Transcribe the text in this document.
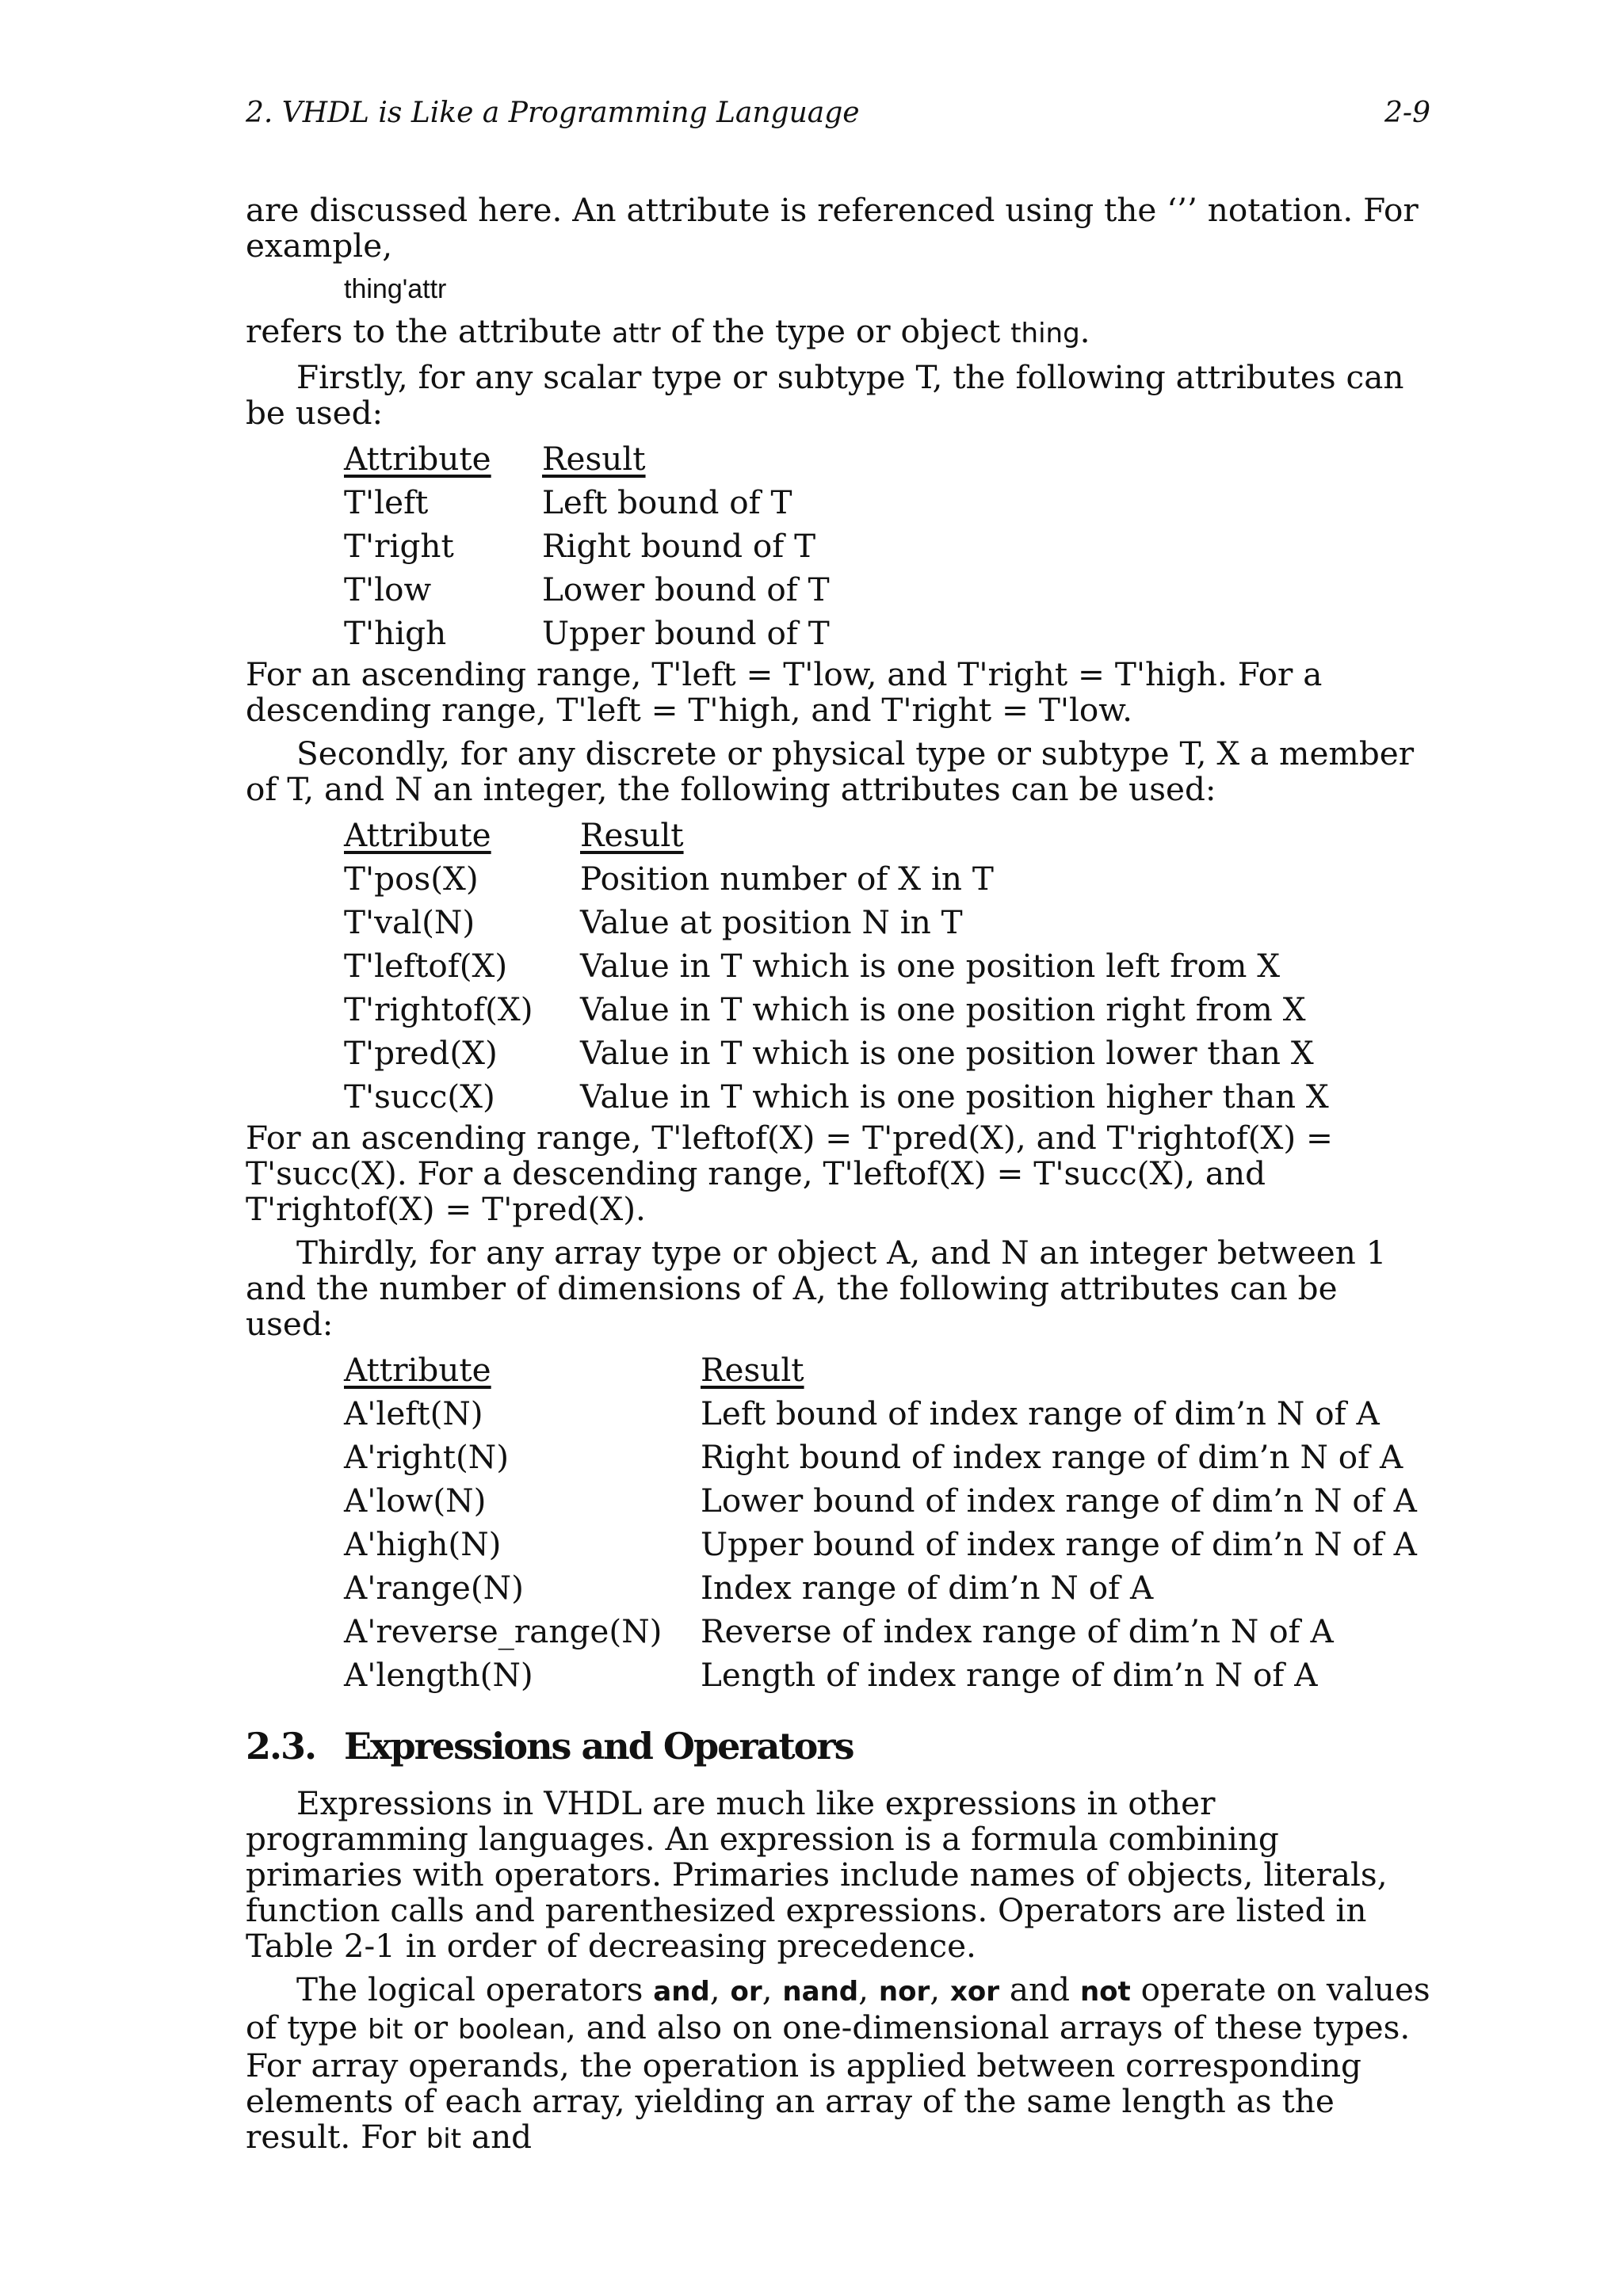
2. VHDL is Like a Programming Language	2-9

are discussed here. An attribute is referenced using the ‘’’ notation. For example,

thing'attr

refers to the attribute attr of the type or object thing.

Firstly, for any scalar type or subtype T, the following attributes can be used:

Attribute	Result
T'left	Left bound of T
T'right	Right bound of T
T'low	Lower bound of T
T'high	Upper bound of T

For an ascending range, T'left = T'low, and T'right = T'high. For a descending range, T'left = T'high, and T'right = T'low.

Secondly, for any discrete or physical type or subtype T, X a member of T, and N an integer, the following attributes can be used:

Attribute	Result
T'pos(X)	Position number of X in T
T'val(N)	Value at position N in T
T'leftof(X)	Value in T which is one position left from X
T'rightof(X)	Value in T which is one position right from X
T'pred(X)	Value in T which is one position lower than X
T'succ(X)	Value in T which is one position higher than X

For an ascending range, T'leftof(X) = T'pred(X), and T'rightof(X) = T'succ(X). For a descending range, T'leftof(X) = T'succ(X), and T'rightof(X) = T'pred(X).

Thirdly, for any array type or object A, and N an integer between 1 and the number of dimensions of A, the following attributes can be used:

Attribute	Result
A'left(N)	Left bound of index range of dim’n N of A
A'right(N)	Right bound of index range of dim’n N of A
A'low(N)	Lower bound of index range of dim’n N of A
A'high(N)	Upper bound of index range of dim’n N of A
A'range(N)	Index range of dim’n N of A
A'reverse_range(N)	Reverse of index range of dim’n N of A
A'length(N)	Length of index range of dim’n N of A
2.3. Expressions and Operators

Expressions in VHDL are much like expressions in other programming languages. An expression is a formula combining primaries with operators. Primaries include names of objects, literals, function calls and parenthesized expressions. Operators are listed in Table 2-1 in order of decreasing precedence.

The logical operators and, or, nand, nor, xor and not operate on values of type bit or boolean, and also on one-dimensional arrays of these types. For array operands, the operation is applied between corresponding elements of each array, yielding an array of the same length as the result. For bit and
